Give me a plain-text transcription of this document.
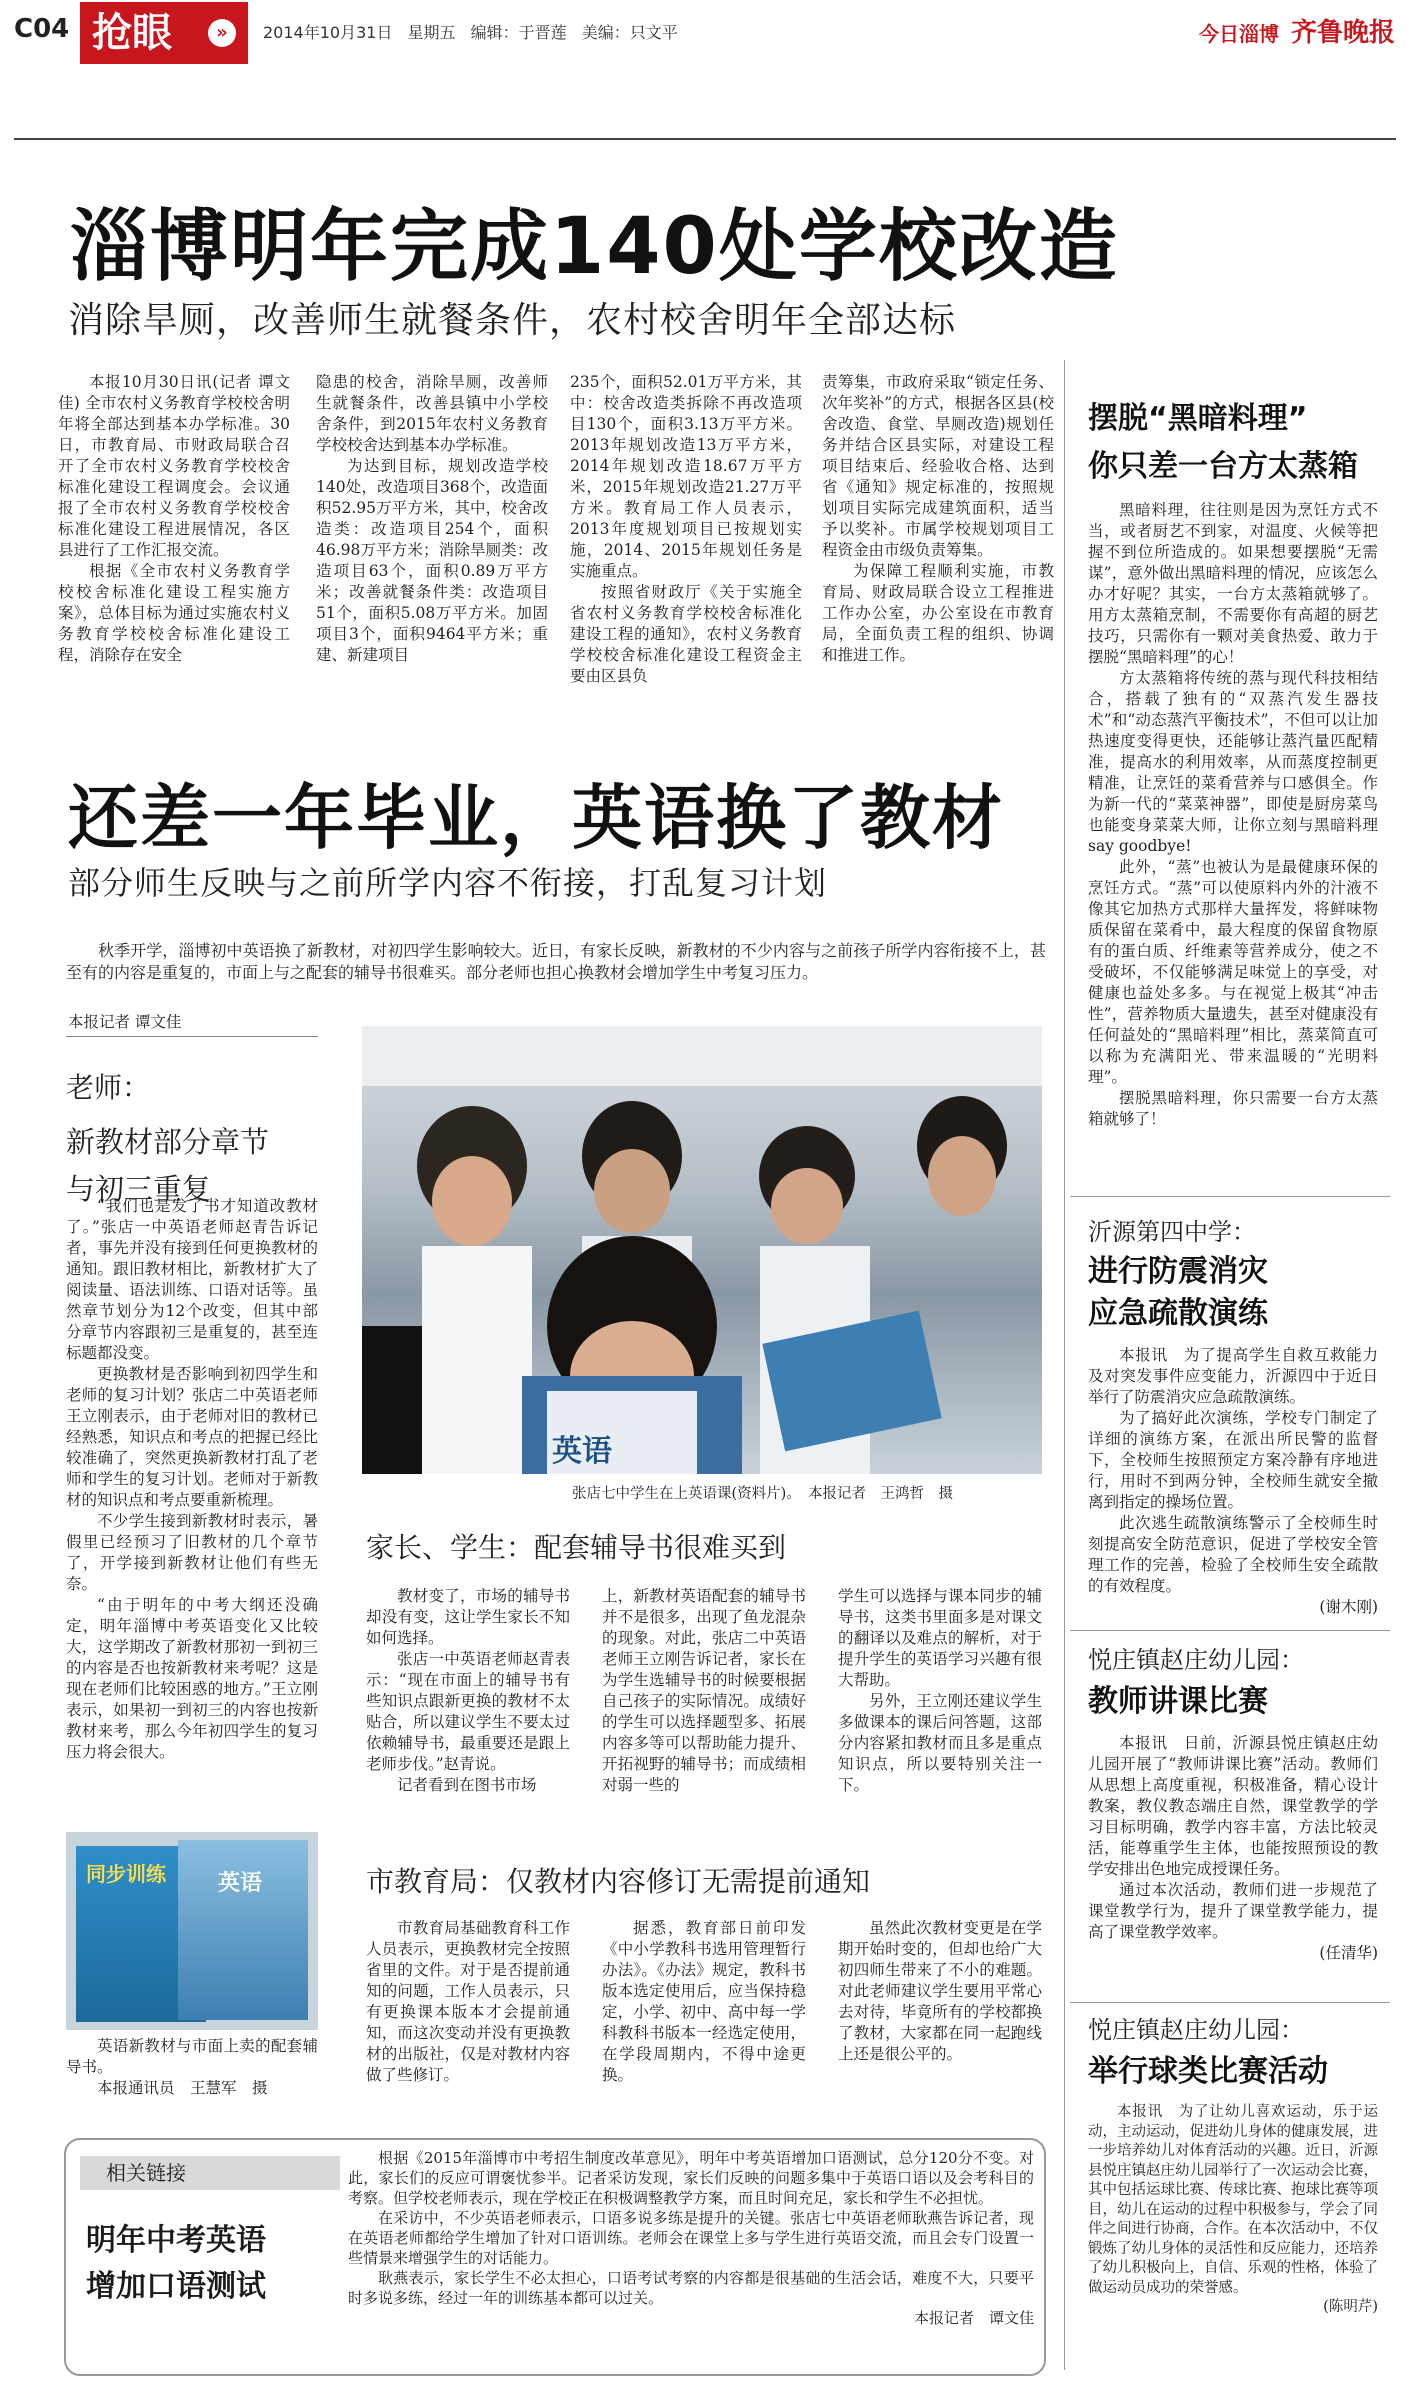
C04 抢眼	»	2014年10月31日 星期五 编辑：于晋莲 美编：只文平	今日淄博 齐鲁晚报
淄博明年完成140处学校改造
消除旱厕，改善师生就餐条件，农村校舍明年全部达标

本报10月30日讯(记者 谭文佳) 全市农村义务教育学校校舍明年将全部达到基本办学标准。30日，市教育局、市财政局联合召开了全市农村义务教育学校校舍标准化建设工程调度会。会议通报了全市农村义务教育学校校舍标准化建设工程进展情况，各区县进行了工作汇报交流。

根据《全市农村义务教育学校校舍标准化建设工程实施方案》，总体目标为通过实施农村义务教育学校校舍标准化建设工程，消除存在安全

隐患的校舍，消除旱厕，改善师生就餐条件，改善县镇中小学校舍条件，到2015年农村义务教育学校校舍达到基本办学标准。

为达到目标，规划改造学校140处，改造项目368个，改造面积52.95万平方米，其中，校舍改造类：改造项目254个，面积46.98万平方米；消除旱厕类：改造项目63个，面积0.89万平方米；改善就餐条件类：改造项目51个，面积5.08万平方米。加固项目3个，面积9464平方米；重建、新建项目

235个，面积52.01万平方米，其中：校舍改造类拆除不再改造项目130个，面积3.13万平方米。2013年规划改造13万平方米，2014年规划改造18.67万平方米，2015年规划改造21.27万平方米。教育局工作人员表示，2013年度规划项目已按规划实施，2014、2015年规划任务是实施重点。

按照省财政厅《关于实施全省农村义务教育学校校舍标准化建设工程的通知》，农村义务教育学校校舍标准化建设工程资金主要由区县负

责筹集，市政府采取“锁定任务、次年奖补”的方式，根据各区县(校舍改造、食堂、旱厕改造)规划任务并结合区县实际，对建设工程项目结束后、经验收合格、达到省《通知》规定标准的，按照规划项目实际完成建筑面积，适当予以奖补。市属学校规划项目工程资金由市级负责筹集。

为保障工程顺利实施，市教育局、财政局联合设立工程推进工作办公室，办公室设在市教育局，全面负责工程的组织、协调和推进工作。

还差一年毕业，英语换了教材
部分师生反映与之前所学内容不衔接，打乱复习计划
秋季开学，淄博初中英语换了新教材，对初四学生影响较大。近日，有家长反映，新教材的不少内容与之前孩子所学内容衔接不上，甚至有的内容是重复的，市面上与之配套的辅导书很难买。部分老师也担心换教材会增加学生中考复习压力。
本报记者 谭文佳
老师：
新教材部分章节
与初三重复

“我们也是发了书才知道改教材了。”张店一中英语老师赵青告诉记者，事先并没有接到任何更换教材的通知。跟旧教材相比，新教材扩大了阅读量、语法训练、口语对话等。虽然章节划分为12个改变，但其中部分章节内容跟初三是重复的，甚至连标题都没变。

更换教材是否影响到初四学生和老师的复习计划？张店二中英语老师王立刚表示，由于老师对旧的教材已经熟悉，知识点和考点的把握已经比较准确了，突然更换新教材打乱了老师和学生的复习计划。老师对于新教材的知识点和考点要重新梳理。

不少学生接到新教材时表示，暑假里已经预习了旧教材的几个章节了，开学接到新教材让他们有些无奈。

“由于明年的中考大纲还没确定，明年淄博中考英语变化又比较大，这学期改了新教材那初一到初三的内容是否也按新教材来考呢？这是现在老师们比较困惑的地方。”王立刚表示，如果初一到初三的内容也按新教材来考，那么今年初四学生的复习压力将会很大。

英语
张店七中学生在上英语课(资料片)。　本报记者　王鸿哲　摄
同步训练 英语

英语新教材与市面上卖的配套辅导书。

本报通讯员　王慧军　摄

家长、学生：配套辅导书很难买到

教材变了，市场的辅导书却没有变，这让学生家长不知如何选择。

张店一中英语老师赵青表示：“现在市面上的辅导书有些知识点跟新更换的教材不太贴合，所以建议学生不要太过依赖辅导书，最重要还是跟上老师步伐。”赵青说。

记者看到在图书市场

上，新教材英语配套的辅导书并不是很多，出现了鱼龙混杂的现象。对此，张店二中英语老师王立刚告诉记者，家长在为学生选辅导书的时候要根据自己孩子的实际情况。成绩好的学生可以选择题型多、拓展内容多等可以帮助能力提升、开拓视野的辅导书；而成绩相对弱一些的

学生可以选择与课本同步的辅导书，这类书里面多是对课文的翻译以及难点的解析，对于提升学生的英语学习兴趣有很大帮助。

另外，王立刚还建议学生多做课本的课后问答题，这部分内容紧扣教材而且多是重点知识点，所以要特别关注一下。

市教育局：仅教材内容修订无需提前通知

市教育局基础教育科工作人员表示，更换教材完全按照省里的文件。对于是否提前通知的问题，工作人员表示，只有更换课本版本才会提前通知，而这次变动并没有更换教材的出版社，仅是对教材内容做了些修订。

据悉，教育部日前印发《中小学教科书选用管理暂行办法》。《办法》规定，教科书版本选定使用后，应当保持稳定，小学、初中、高中每一学科教科书版本一经选定使用，在学段周期内，不得中途更换。

虽然此次教材变更是在学期开始时变的，但却也给广大初四师生带来了不小的难题。对此老师建议学生要用平常心去对待，毕竟所有的学校都换了教材，大家都在同一起跑线上还是很公平的。

相关链接
明年中考英语
增加口语测试

根据《2015年淄博市中考招生制度改革意见》，明年中考英语增加口语测试，总分120分不变。对此，家长们的反应可谓褒忧参半。记者采访发现，家长们反映的问题多集中于英语口语以及会考科目的考察。但学校老师表示，现在学校正在积极调整教学方案，而且时间充足，家长和学生不必担忧。

在采访中，不少英语老师表示，口语多说多练是提升的关键。张店七中英语老师耿燕告诉记者，现在英语老师都给学生增加了针对口语训练。老师会在课堂上多与学生进行英语交流，而且会专门设置一些情景来增强学生的对话能力。

耿燕表示，家长学生不必太担心，口语考试考察的内容都是很基础的生活会话，难度不大，只要平时多说多练，经过一年的训练基本都可以过关。

本报记者　谭文佳

摆脱“黑暗料理”
你只差一台方太蒸箱

黑暗料理，往往则是因为烹饪方式不当，或者厨艺不到家，对温度、火候等把握不到位所造成的。如果想要摆脱“无需谋”，意外做出黑暗料理的情况，应该怎么办才好呢？其实，一台方太蒸箱就够了。用方太蒸箱烹制，不需要你有高超的厨艺技巧，只需你有一颗对美食热爱、敢力于摆脱“黑暗料理”的心！

方太蒸箱将传统的蒸与现代科技相结合，搭载了独有的“双蒸汽发生器技术”和“动态蒸汽平衡技术”，不但可以让加热速度变得更快，还能够让蒸汽量匹配精准，提高水的利用效率，从而蒸度控制更精准，让烹饪的菜肴营养与口感俱全。作为新一代的“菜菜神器”，即使是厨房菜鸟也能变身菜菜大师，让你立刻与黑暗料理say goodbye!

此外，“蒸”也被认为是最健康环保的烹饪方式。“蒸”可以使原料内外的汁液不像其它加热方式那样大量挥发，将鲜味物质保留在菜肴中，最大程度的保留食物原有的蛋白质、纤维素等营养成分，使之不受破坏，不仅能够满足味觉上的享受，对健康也益处多多。与在视觉上极其“冲击性”，营养物质大量遗失，甚至对健康没有任何益处的“黑暗料理”相比，蒸菜简直可以称为充满阳光、带来温暖的“光明料理”。

摆脱黑暗料理，你只需要一台方太蒸箱就够了！

沂源第四中学：
进行防震消灾
应急疏散演练

本报讯　为了提高学生自救互救能力及对突发事件应变能力，沂源四中于近日举行了防震消灾应急疏散演练。

为了搞好此次演练，学校专门制定了详细的演练方案，在派出所民警的监督下，全校师生按照预定方案冷静有序地进行，用时不到两分钟，全校师生就安全撤离到指定的操场位置。

此次逃生疏散演练警示了全校师生时刻提高安全防范意识，促进了学校安全管理工作的完善，检验了全校师生安全疏散的有效程度。

(谢木刚)

悦庄镇赵庄幼儿园：
教师讲课比赛

本报讯　日前，沂源县悦庄镇赵庄幼儿园开展了“教师讲课比赛”活动。教师们从思想上高度重视，积极准备，精心设计教案，教仪教态端庄自然，课堂教学的学习目标明确，教学内容丰富，方法比较灵活，能尊重学生主体，也能按照预设的教学安排出色地完成授课任务。

通过本次活动，教师们进一步规范了课堂教学行为，提升了课堂教学能力，提高了课堂教学效率。

(任清华)

悦庄镇赵庄幼儿园：
举行球类比赛活动

本报讯　为了让幼儿喜欢运动，乐于运动，主动运动，促进幼儿身体的健康发展，进一步培养幼儿对体育活动的兴趣。近日，沂源县悦庄镇赵庄幼儿园举行了一次运动会比赛，其中包括运球比赛、传球比赛、抱球比赛等项目，幼儿在运动的过程中积极参与，学会了同伴之间进行协商，合作。在本次活动中，不仅锻炼了幼儿身体的灵活性和反应能力，还培养了幼儿积极向上，自信、乐观的性格，体验了做运动员成功的荣誉感。

(陈明芹)
